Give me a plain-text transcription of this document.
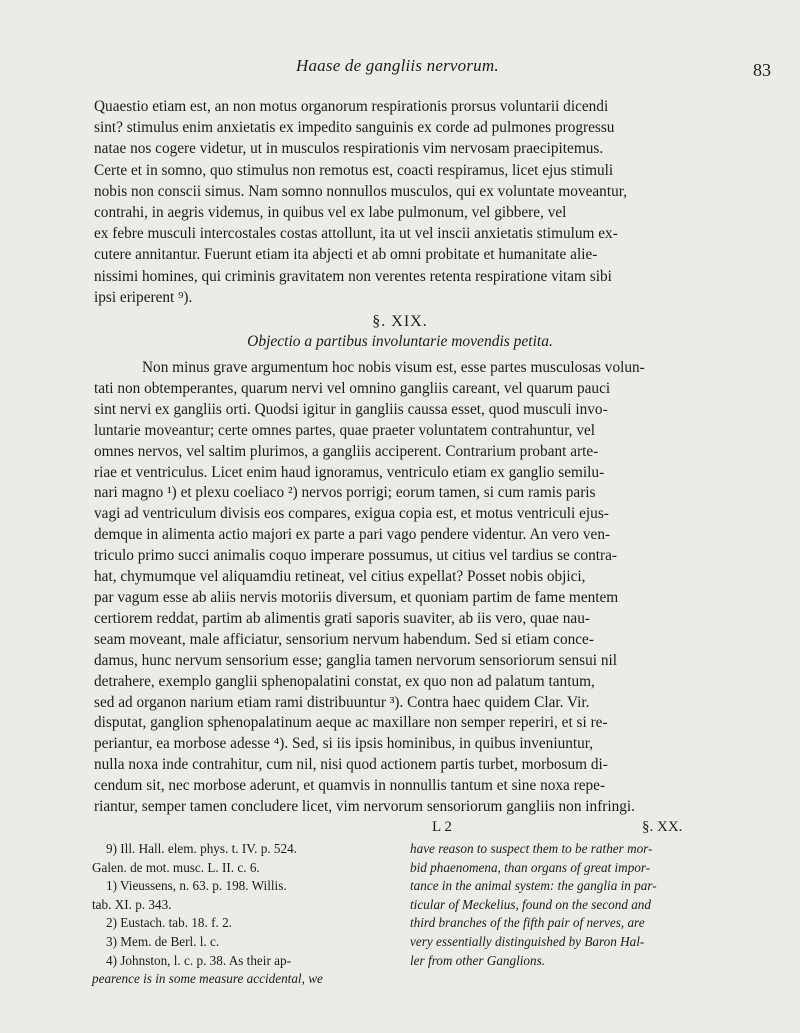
Haase de gangliis nervorum.	83

Quaestio etiam est, an non motus organorum respirationis prorsus voluntarii dicendi
sint? stimulus enim anxietatis ex impedito sanguinis ex corde ad pulmones progressu
natae nos cogere videtur, ut in musculos respirationis vim nervosam praecipitemus.
Certe et in somno, quo stimulus non remotus est, coacti respiramus, licet ejus stimuli
nobis non conscii simus. Nam somno nonnullos musculos, qui ex voluntate moveantur,
contrahi, in aegris videmus, in quibus vel ex labe pulmonum, vel gibbere, vel
ex febre musculi intercostales costas attollunt, ita ut vel inscii anxietatis stimulum ex-
cutere annitantur. Fuerunt etiam ita abjecti et ab omni probitate et humanitate alie-
nissimi homines, qui criminis gravitatem non verentes retenta respiratione vitam sibi
ipsi eriperent ⁹).

§. XIX.
Objectio a partibus involuntarie movendis petita.
Non minus grave argumentum hoc nobis visum est, esse partes musculosas volun-
tati non obtemperantes, quarum nervi vel omnino gangliis careant, vel quarum pauci
sint nervi ex gangliis orti. Quodsi igitur in gangliis caussa esset, quod musculi invo-
luntarie moveantur; certe omnes partes, quae praeter voluntatem contrahuntur, vel
omnes nervos, vel saltim plurimos, a gangliis acciperent. Contrarium probant arte-
riae et ventriculus. Licet enim haud ignoramus, ventriculo etiam ex ganglio semilu-
nari magno ¹) et plexu coeliaco ²) nervos porrigi; eorum tamen, si cum ramis paris
vagi ad ventriculum divisis eos compares, exigua copia est, et motus ventriculi ejus-
demque in alimenta actio majori ex parte a pari vago pendere videntur. An vero ven-
triculo primo succi animalis coquo imperare possumus, ut citius vel tardius se contra-
hat, chymumque vel aliquamdiu retineat, vel citius expellat? Posset nobis objici,
par vagum esse ab aliis nervis motoriis diversum, et quoniam partim de fame mentem
certiorem reddat, partim ab alimentis grati saporis suaviter, ab iis vero, quae nau-
seam moveant, male afficiatur, sensorium nervum habendum. Sed si etiam conce-
damus, hunc nervum sensorium esse; ganglia tamen nervorum sensoriorum sensui nil
detrahere, exemplo ganglii sphenopalatini constat, ex quo non ad palatum tantum,
sed ad organon narium etiam rami distribuuntur ³). Contra haec quidem Clar. Vir.
disputat, ganglion sphenopalatinum aeque ac maxillare non semper reperiri, et si re-
periantur, ea morbose adesse ⁴). Sed, si iis ipsis hominibus, in quibus inveniuntur,
nulla noxa inde contrahitur, cum nil, nisi quod actionem partis turbet, morbosum di-
cendum sit, nec morbose aderunt, et quamvis in nonnullis tantum et sine noxa repe-
riantur, semper tamen concludere licet, vim nervorum sensoriorum gangliis non infringi.
L 2	§. XX.
9) Ill. Hall. elem. phys. t. IV. p. 524.
Galen. de mot. musc. L. II. c. 6.
1) Vieussens, n. 63. p. 198. Willis.
tab. XI. p. 343.
2) Eustach. tab. 18. f. 2.
3) Mem. de Berl. l. c.
4) Johnston, l. c. p. 38. As their ap-
pearence is in some measure accidental, we
have reason to suspect them to be rather mor-
bid phaenomena, than organs of great impor-
tance in the animal system: the ganglia in par-
ticular of Meckelius, found on the second and
third branches of the fifth pair of nerves, are
very essentially distinguished by Baron Hal-
ler from other Ganglions.
